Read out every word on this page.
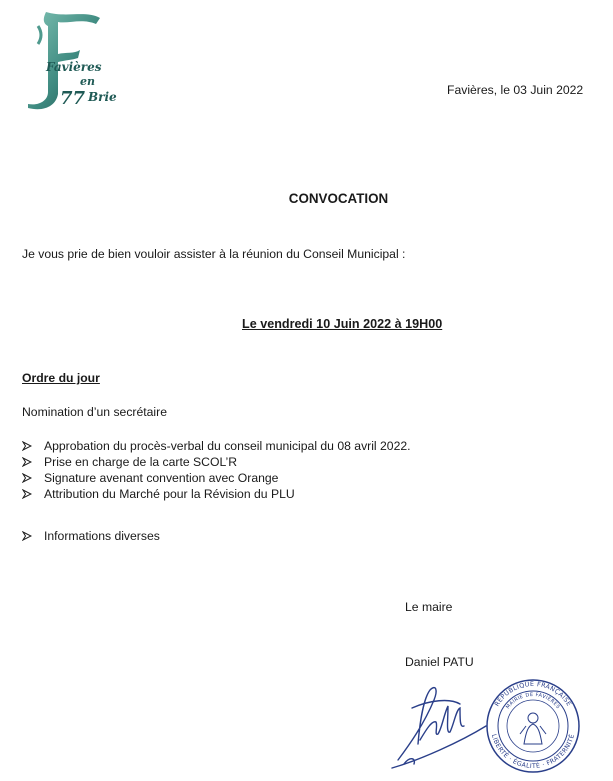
77
Favières
en
Brie	Favières, le 03 Juin 2022
CONVOCATION
Je vous prie de bien vouloir assister à la réunion du Conseil Municipal :
Le vendredi 10 Juin 2022 à 19H00
Ordre du jour
Nomination d’un secrétaire
Approbation du procès-verbal du conseil municipal du 08 avril 2022.
Prise en charge de la carte SCOL’R
Signature avenant convention avec Orange
Attribution du Marché pour la Révision du PLU
Informations diverses
Le maire
Daniel PATU
RÉPUBLIQUE FRANÇAISE
LIBERTÉ · ÉGALITÉ · FRATERNITÉ
MAIRIE DE FAVIÈRES
